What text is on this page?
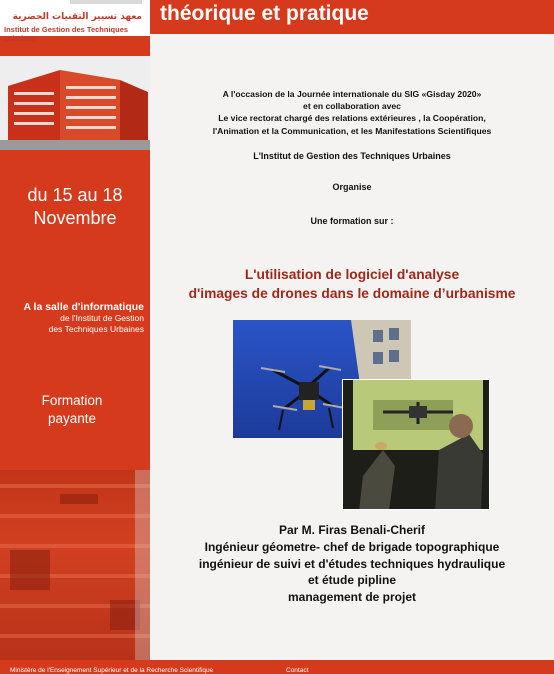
معهد تسيير التقنيات الحضرية
Institut de Gestion des Techniques Urbaines
du 15 au 18
Novembre
A la salle d'informatique
de l'Institut de Gestion
des Techniques Urbaines
Formation
payante
théorique et pratique
A l'occasion de la Journée internationale du SIG «Gisday 2020»
et en collaboration avec
Le vice rectorat chargé des relations extérieures , la Coopération,
l'Animation et la Communication, et les Manifestations Scientifiques
L'Institut de Gestion des Techniques Urbaines
Organise
Une formation sur :
L'utilisation de logiciel d'analyse
d'images de drones dans le domaine d’urbanisme
Par M. Firas Benali-Cherif
Ingénieur géometre- chef de brigade topographique
ingénieur de suivi et d'études techniques hydraulique
et étude pipline
management de projet
Ministère de l'Enseignement Supérieur et de la Recherche Scientifique	Contact
